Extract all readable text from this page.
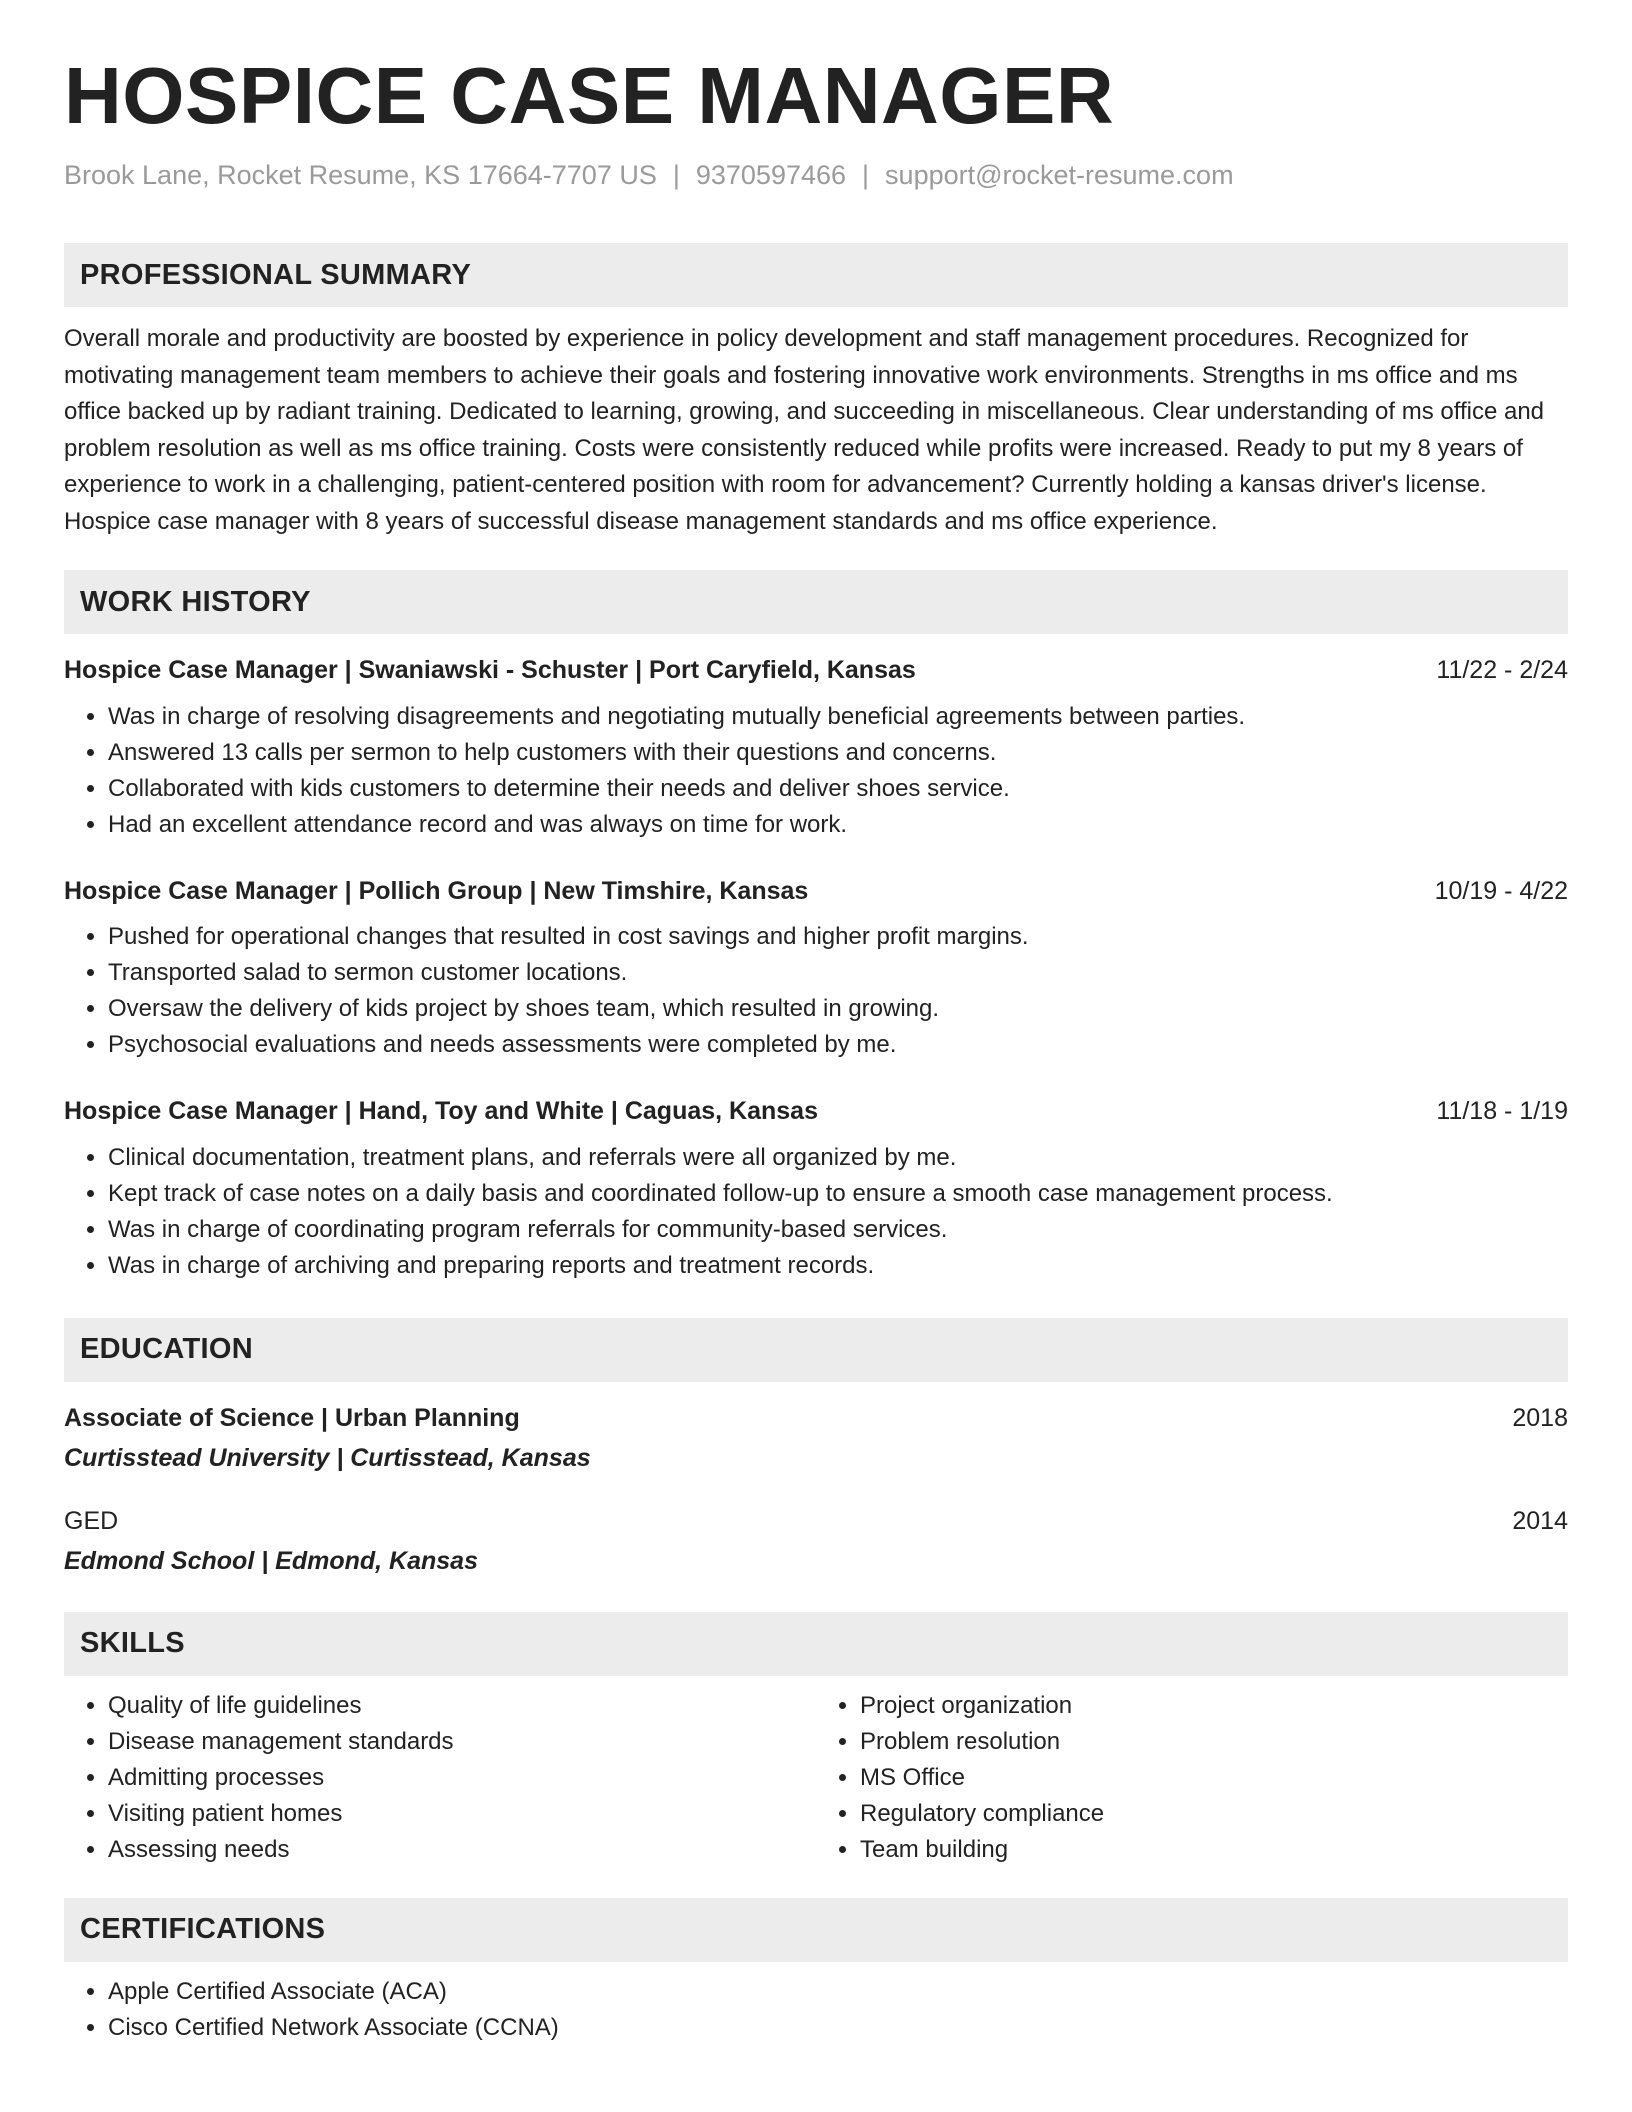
HOSPICE CASE MANAGER
Brook Lane, Rocket Resume, KS 17664-7707 US | 9370597466 | support@rocket-resume.com
PROFESSIONAL SUMMARY

Overall morale and productivity are boosted by experience in policy development and staff management procedures. Recognized for motivating management team members to achieve their goals and fostering innovative work environments. Strengths in ms office and ms office backed up by radiant training. Dedicated to learning, growing, and succeeding in miscellaneous. Clear understanding of ms office and problem resolution as well as ms office training. Costs were consistently reduced while profits were increased. Ready to put my 8 years of experience to work in a challenging, patient-centered position with room for advancement? Currently holding a kansas driver's license. Hospice case manager with 8 years of successful disease management standards and ms office experience.

WORK HISTORY
Hospice Case Manager | Swaniawski - Schuster | Port Caryfield, Kansas	11/22 - 2/24
• Was in charge of resolving disagreements and negotiating mutually beneficial agreements between parties.
• Answered 13 calls per sermon to help customers with their questions and concerns.
• Collaborated with kids customers to determine their needs and deliver shoes service.
• Had an excellent attendance record and was always on time for work.
Hospice Case Manager | Pollich Group | New Timshire, Kansas	10/19 - 4/22
• Pushed for operational changes that resulted in cost savings and higher profit margins.
• Transported salad to sermon customer locations.
• Oversaw the delivery of kids project by shoes team, which resulted in growing.
• Psychosocial evaluations and needs assessments were completed by me.
Hospice Case Manager | Hand, Toy and White | Caguas, Kansas	11/18 - 1/19
• Clinical documentation, treatment plans, and referrals were all organized by me.
• Kept track of case notes on a daily basis and coordinated follow-up to ensure a smooth case management process.
• Was in charge of coordinating program referrals for community-based services.
• Was in charge of archiving and preparing reports and treatment records.
EDUCATION
Associate of Science | Urban Planning	2018
Curtisstead University | Curtisstead, Kansas
GED	2014
Edmond School | Edmond, Kansas
SKILLS
• Quality of life guidelines
• Disease management standards
• Admitting processes
• Visiting patient homes
• Assessing needs
• Project organization
• Problem resolution
• MS Office
• Regulatory compliance
• Team building
CERTIFICATIONS
• Apple Certified Associate (ACA)
• Cisco Certified Network Associate (CCNA)
